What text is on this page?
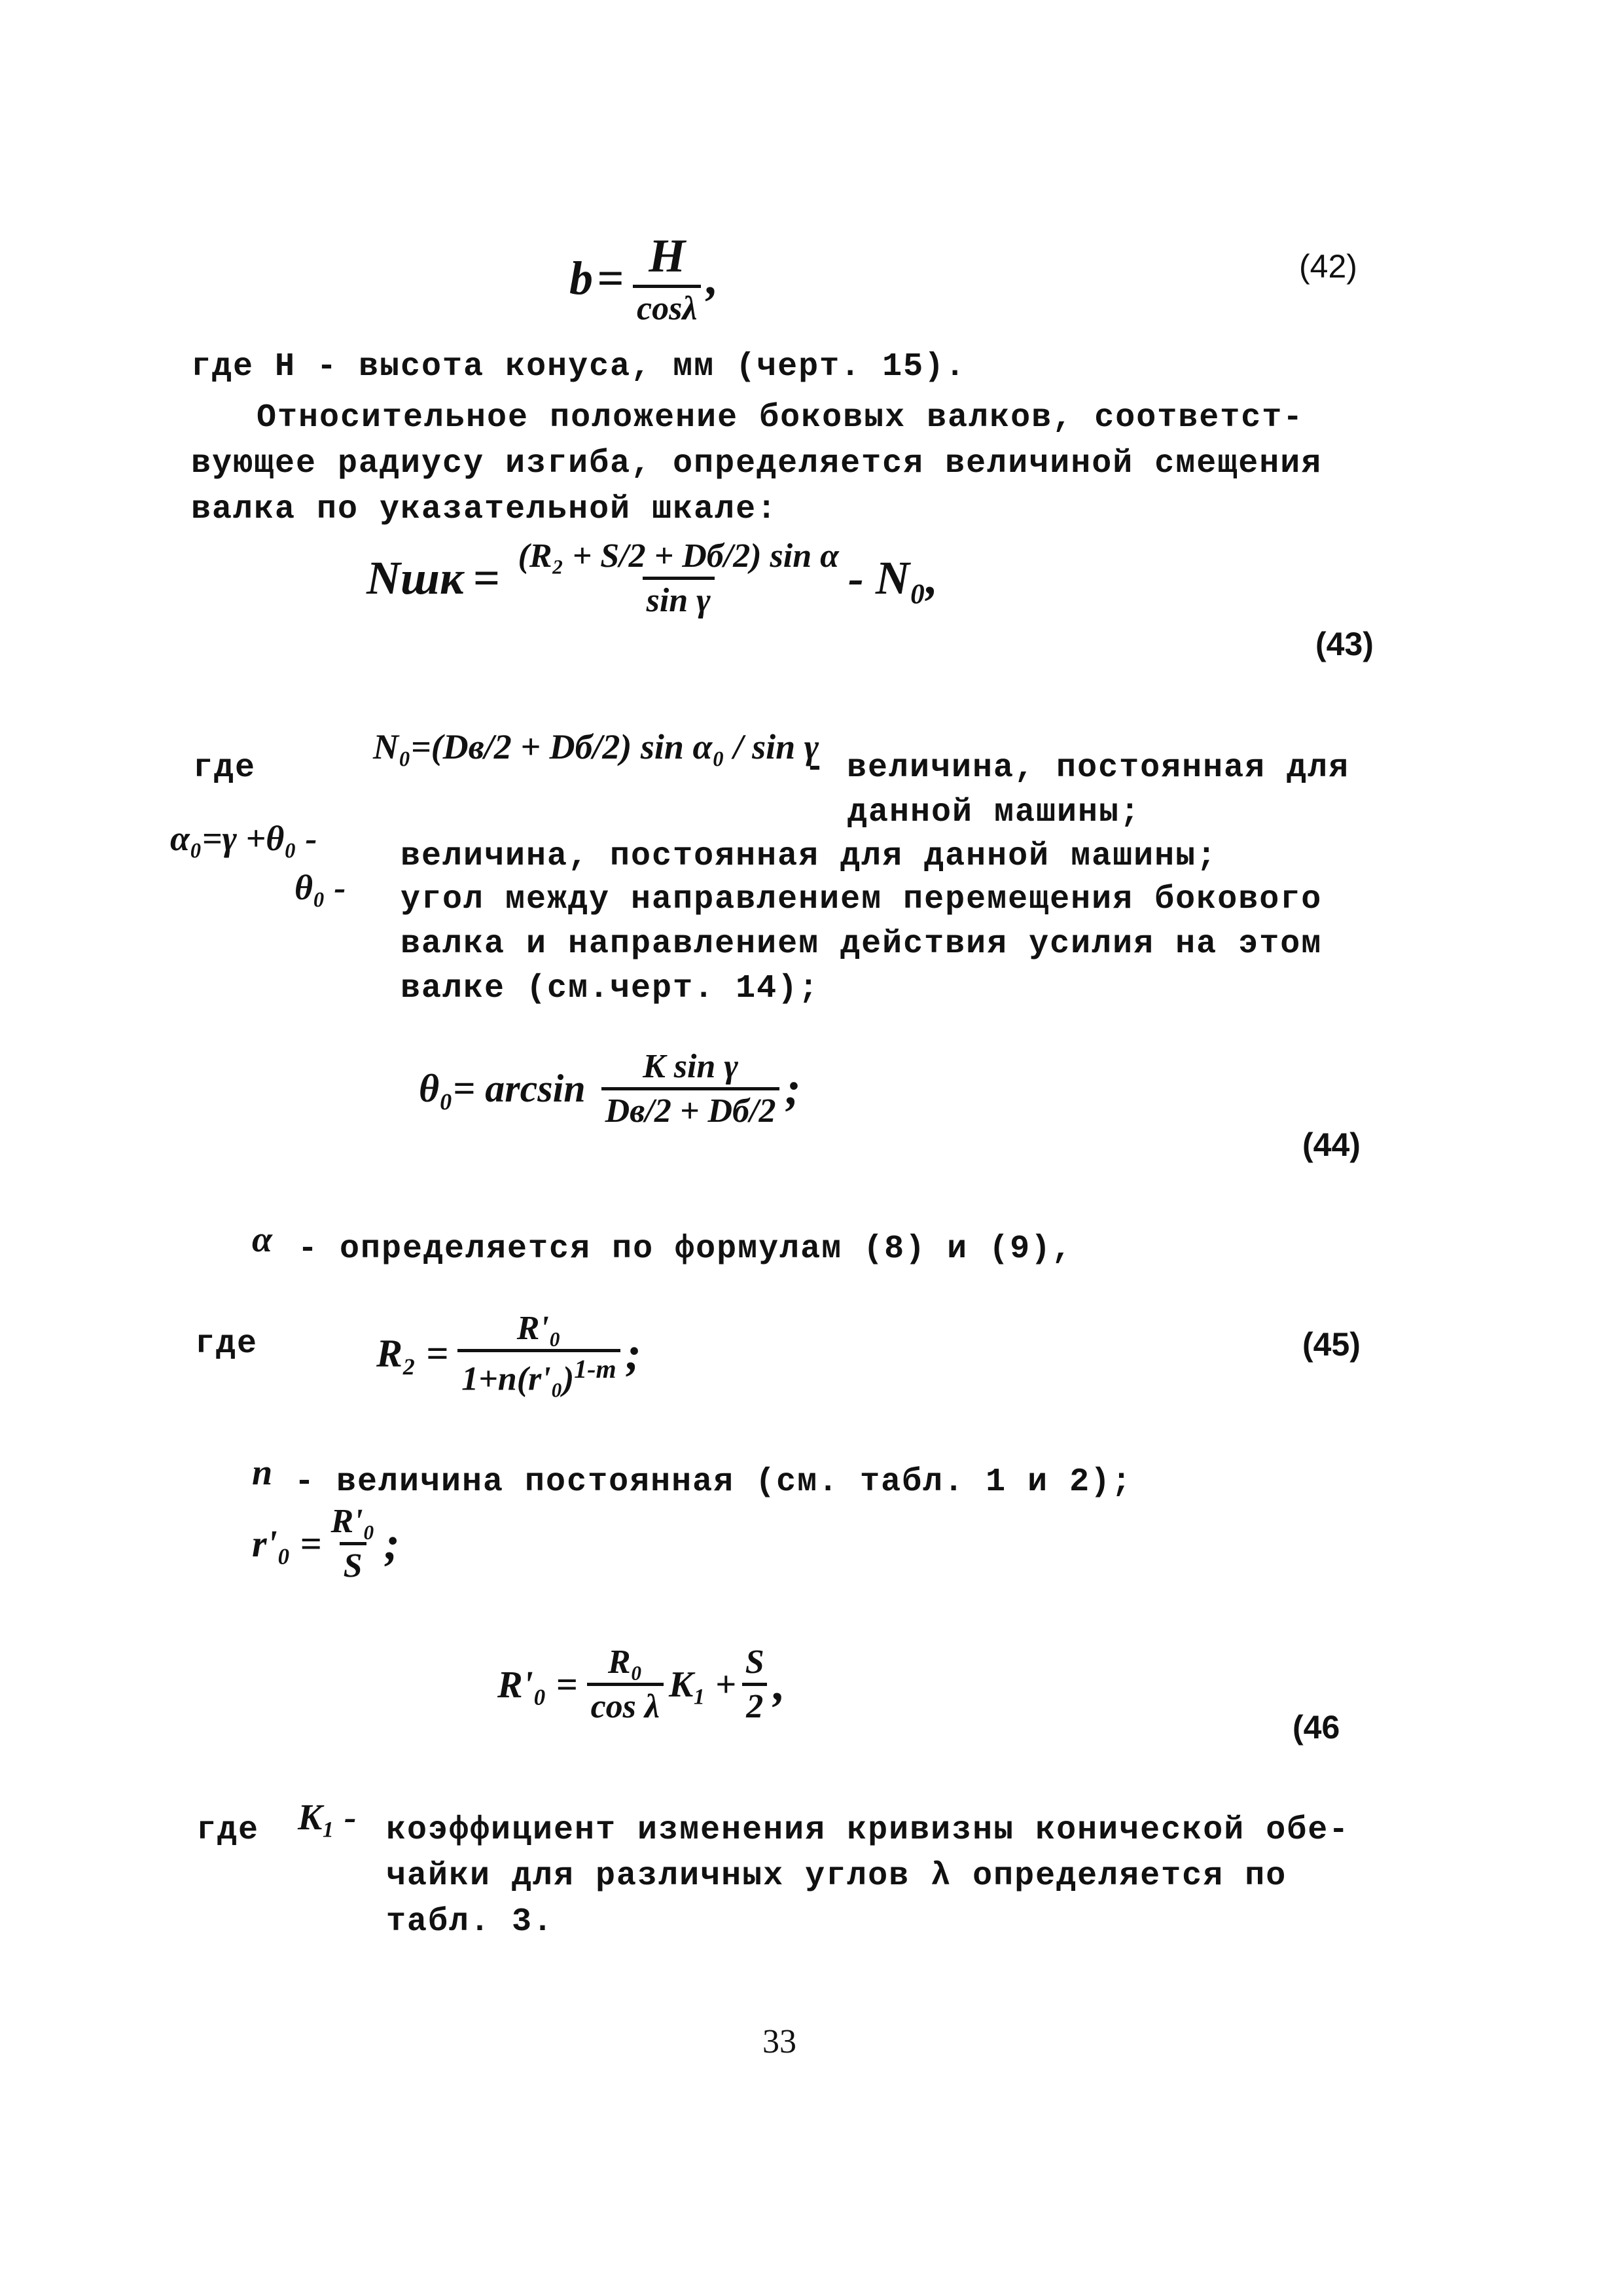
$b = \frac{H}{\cos\lambda}$ ,	(42)
где H - высота конуса, мм (черт. 15).
Относительное положение боковых валков, соответст-
вующее радиусу изгиба, определяется величиной смещения
валка по указательной шкале:
Nшк = $\frac{\text{(R₂ + S/2 + Dб/2) sin α}}{\text{sin γ}} - N_0$,
(43)
где
N₀=(Dв/2 + Dб/2) sin α₀ / sin γ
- величина, постоянная для
данной машины;
α₀=γ +θ₀ -	величина, постоянная для данной машины;
θ₀ - угол между направлением перемещения бокового
валка и направлением действия усилия на этом
валке (см.черт. 14);
$\theta_0= \arcsin \frac{\text{K sin γ}}{Dв/2 + Dб/2}$ ;
(44)
α - определяется по формулам (8) и (9),
где	$R_2 = \frac{\text{R'₀}}{1+n(r'_0)^{1-m}}$ ;	(45)
n - величина постоянная (см. табл. 1 и 2);
$r'_0 = \frac{\text{R'₀}}{S}$ ;
$R'_0 = \frac{\text{R₀}}{\text{cos λ}} K_1 + \frac{S}{2}$ ,
(46
где K₁ - коэффициент изменения кривизны конической обе-
чайки для различных углов λ определяется по
табл. 3.
33
